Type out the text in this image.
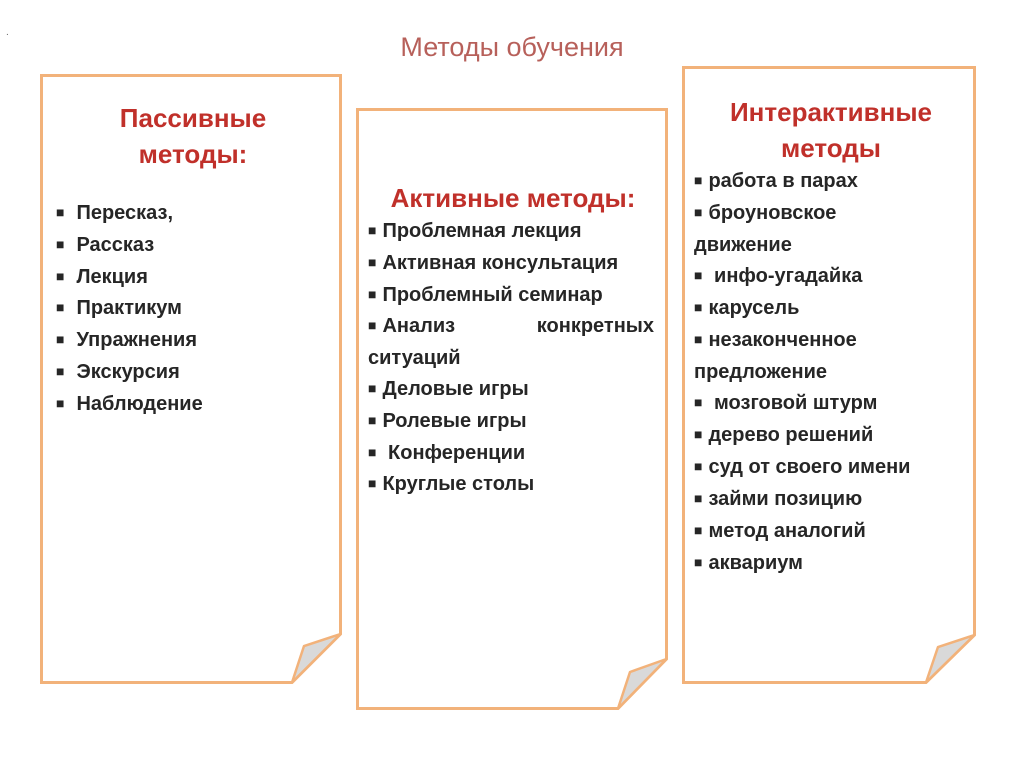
.	Методы обучения
Пассивные
методы:
■ Пересказ,
■ Рассказ
■ Лекция
■ Практикум
■ Упражнения
■ Экскурсия
■ Наблюдение
Активные методы:
■ Проблемная лекция
■ Активная консультация
■ Проблемный семинар
■ Анализ	конкретных
ситуаций
■ Деловые игры
■ Ролевые игры
■ Конференции
■ Круглые столы
Интерактивные
методы
■ работа в парах
■ броуновское
движение
■ инфо-угадайка
■ карусель
■ незаконченное
предложение
■ мозговой штурм
■ дерево решений
■ суд от своего имени
■ займи позицию
■ метод аналогий
■ аквариум
